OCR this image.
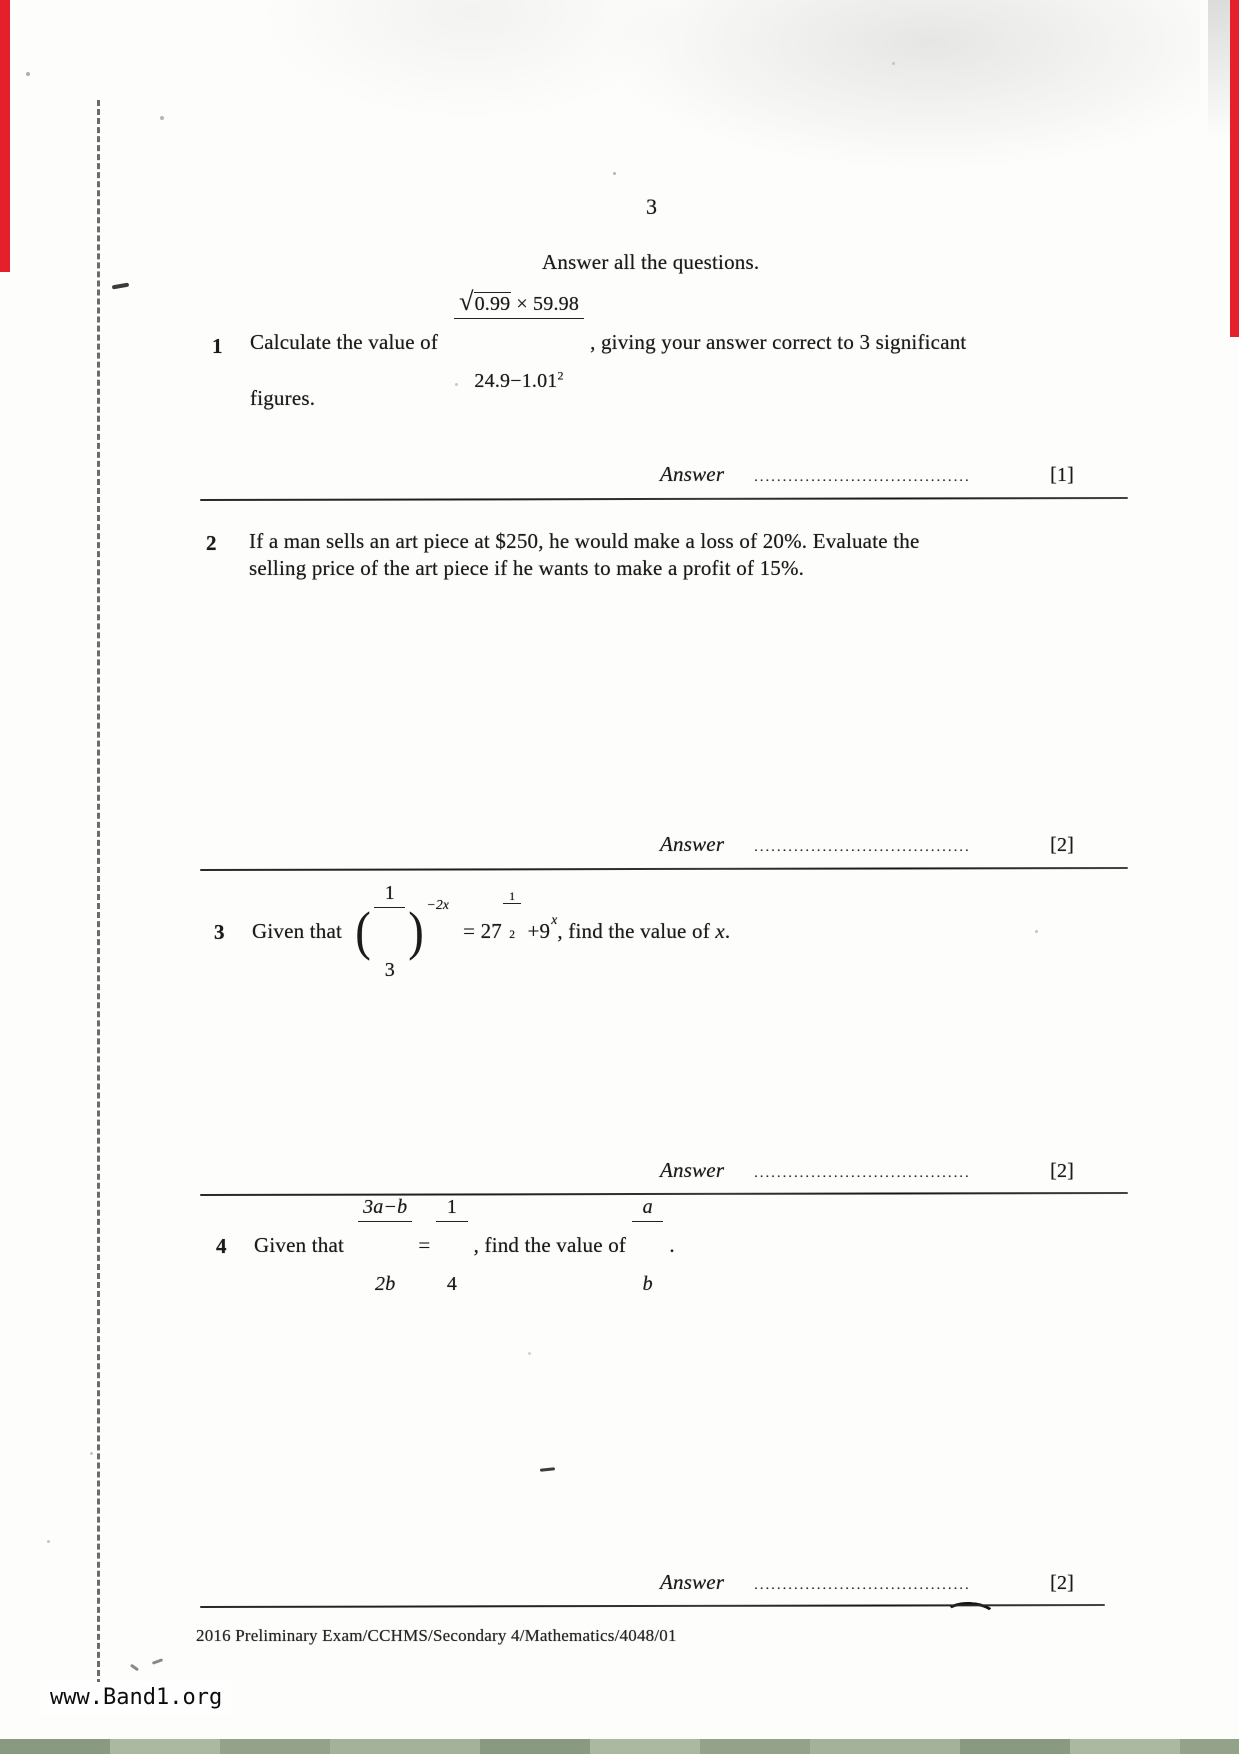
3
Answer all the questions.
1 Calculate the value of

$\frac{√0.99 \times 59.98}{24.9-1.01^2}$

, giving your answer correct to 3 significant
figures.
Answer ......................................	[1]
2 If a man sells an art piece at $250, he would make a loss of 20%. Evaluate the
selling price of the art piece if he wants to make a profit of 15%.
Answer ......................................	[2]
3 Given that (

$\frac{1}{3}$

) −2x
= 27

$\frac{1}{2}$

+9 x , find the value of x .
Answer ......................................	[2]
4 Given that

$\frac{3a-b}{2b}$

=

$\frac{1}{4}$

, find the value of

$\frac{a}{b}$

.
Answer ......................................	[2]
2016 Preliminary Exam/CCHMS/Secondary 4/Mathematics/4048/01
www.Band1.org
